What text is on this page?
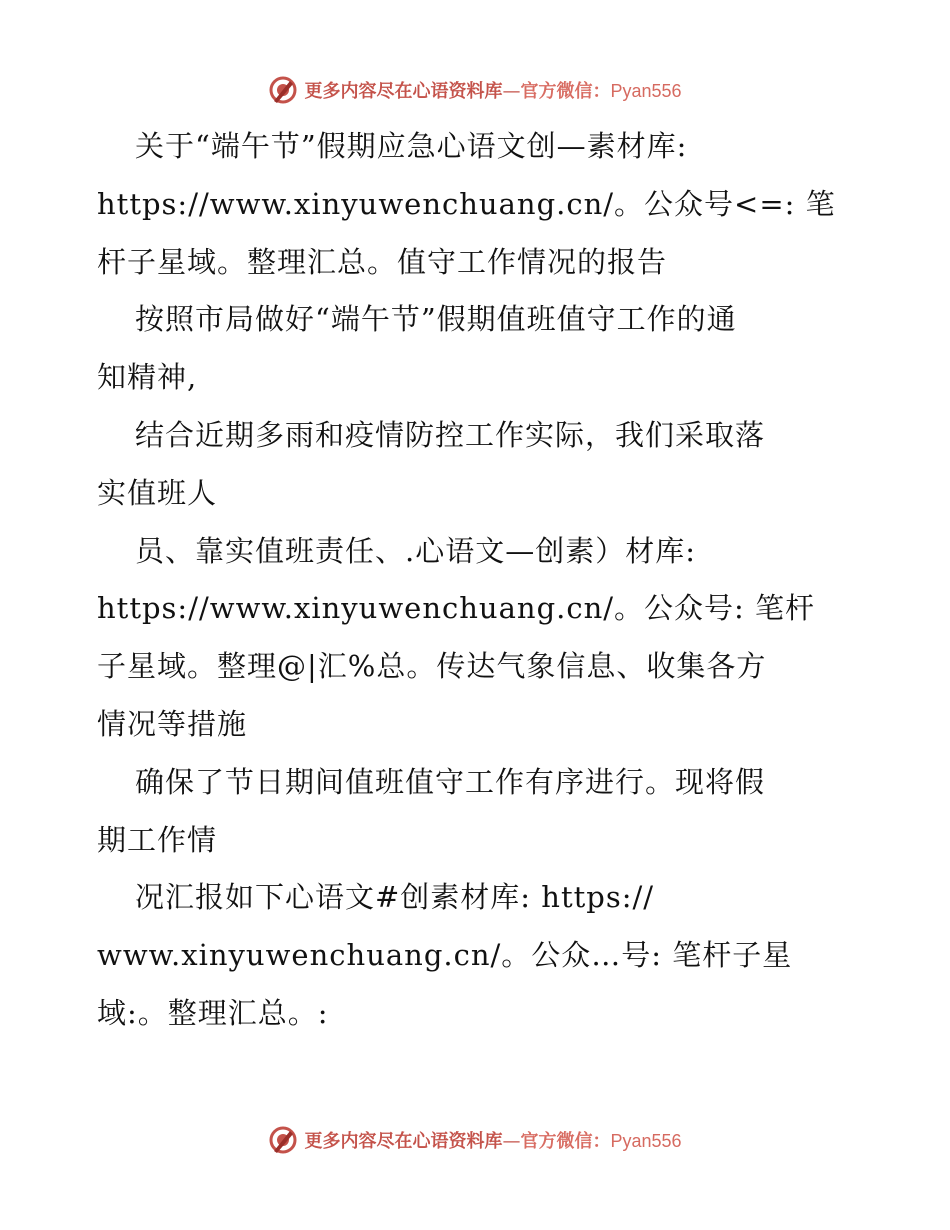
更多内容尽在心语资料库—官方微信：Pyan556
关于“端午节”假期应急心语文创—素材库:
https://www.xinyuwenchuang.cn/。公众号<=: 笔
杆子星域。整理汇总。值守工作情况的报告
按照市局做好“端午节”假期值班值守工作的通
知精神,
结合近期多雨和疫情防控工作实际，我们采取落
实值班人
员、靠实值班责任、.心语文—创素）材库:
https://www.xinyuwenchuang.cn/。公众号: 笔杆
子星域。整理@|汇%总。传达气象信息、收集各方
情况等措施
确保了节日期间值班值守工作有序进行。现将假
期工作情
况汇报如下心语文#创素材库: https://
www.xinyuwenchuang.cn/。公众…号: 笔杆子星
域:。整理汇总。:
更多内容尽在心语资料库—官方微信：Pyan556
